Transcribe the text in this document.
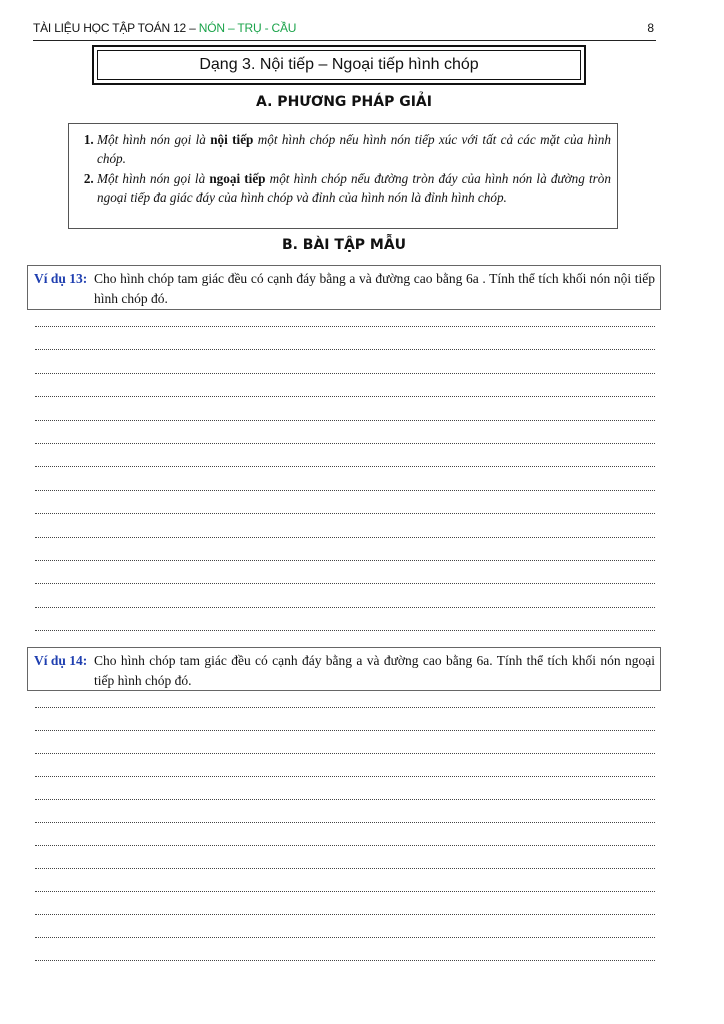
TÀI LIỆU HỌC TẬP TOÁN 12 – NÓN – TRỤ - CẦU	8
Dạng 3. Nội tiếp – Ngoại tiếp hình chóp
A. PHƯƠNG PHÁP GIẢI
1. Một hình nón gọi là nội tiếp một hình chóp nếu hình nón tiếp xúc với tất cả các mặt của hình chóp.
2. Một hình nón gọi là ngoại tiếp một hình chóp nếu đường tròn đáy của hình nón là đường tròn ngoại tiếp đa giác đáy của hình chóp và đỉnh của hình nón là đỉnh hình chóp.
B. BÀI TẬP MẪU
Ví dụ 13: Cho hình chóp tam giác đều có cạnh đáy bằng a và đường cao bằng 6a . Tính thể tích khối nón nội tiếp hình chóp đó.
Ví dụ 14: Cho hình chóp tam giác đều có cạnh đáy bằng a và đường cao bằng 6a. Tính thể tích khối nón ngoại tiếp hình chóp đó.
